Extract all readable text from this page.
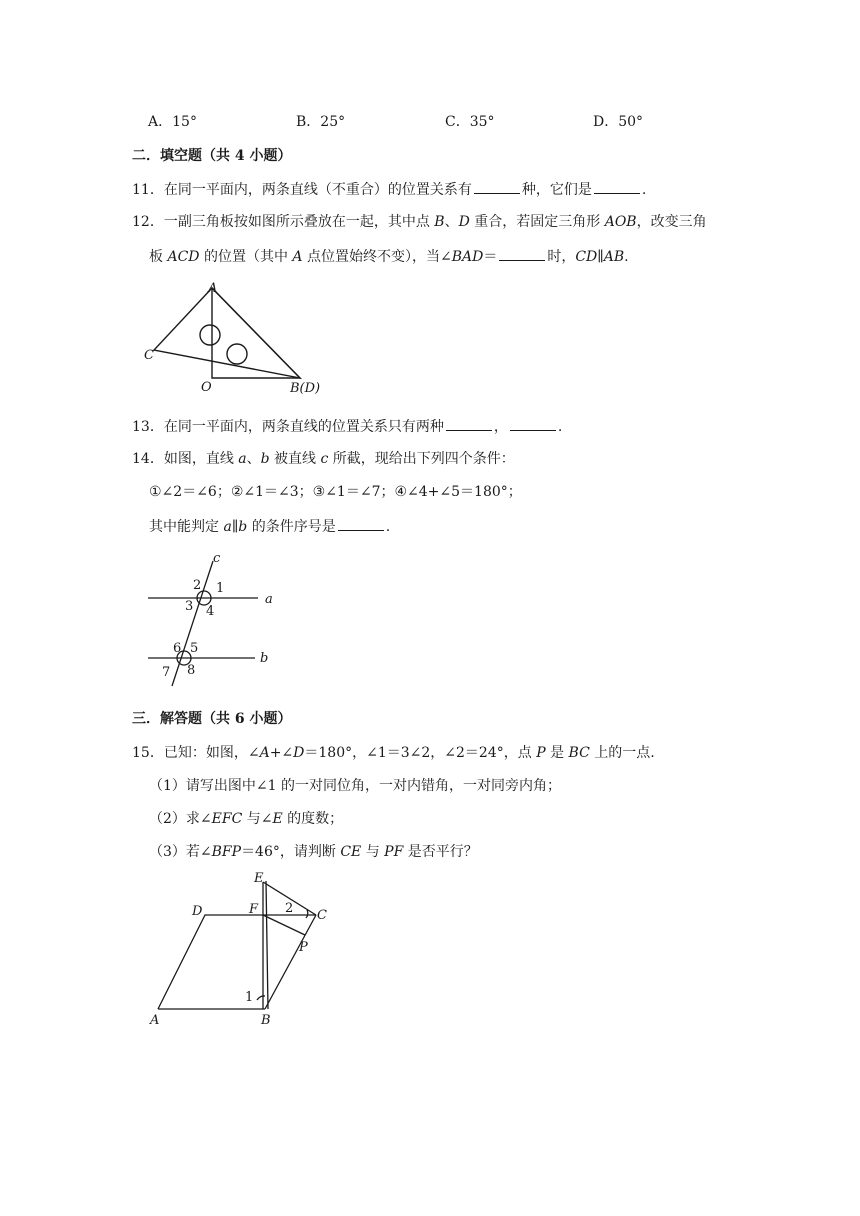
A．15°	B．25°	C．35°	D．50°
二．填空题（共 4 小题）
11．在同一平面内，两条直线（不重合）的位置关系有	种，它们是	.
12．一副三角板按如图所示叠放在一起，其中点 B、D 重合，若固定三角形 AOB，改变三角
板 ACD 的位置（其中 A 点位置始终不变），当∠BAD＝	时，CD∥AB.
A
C
O	B(D)
13．在同一平面内，两条直线的位置关系只有两种	，	.
14．如图，直线 a、b 被直线 c 所截，现给出下列四个条件：
①∠2＝∠6；②∠1＝∠3；③∠1＝∠7；④∠4+∠5＝180°；
其中能判定 a∥b 的条件序号是	.
c
a
b
2 1
3 4
6 5
7 8
三．解答题（共 6 小题）
15．已知：如图，∠A+∠D＝180°，∠1＝3∠2，∠2＝24°，点 P 是 BC 上的一点.
（1）请写出图中∠1 的一对同位角，一对内错角，一对同旁内角；
（2）求∠EFC 与∠E 的度数；
（3）若∠BFP＝46°，请判断 CE 与 PF 是否平行？
E
D	F 2 C
P
1
A	B
